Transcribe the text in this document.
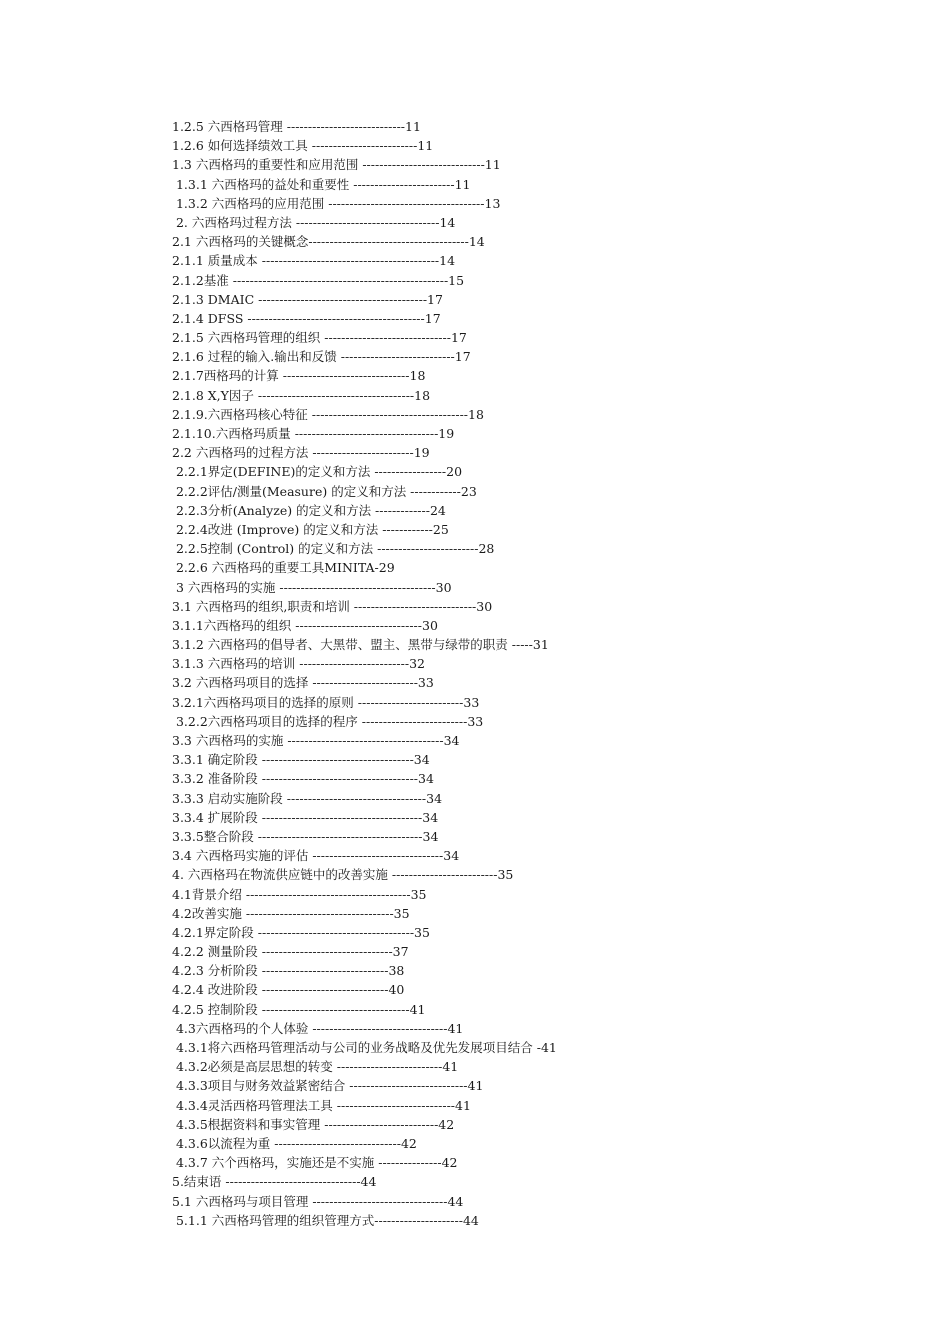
1.2.5 六西格玛管理 ----------------------------11
1.2.6 如何选择绩效工具 -------------------------11
1.3 六西格玛的重要性和应用范围 -----------------------------11
1.3.1 六西格玛的益处和重要性 ------------------------11
1.3.2 六西格玛的应用范围 -------------------------------------13
2. 六西格玛过程方法 ----------------------------------14
2.1 六西格玛的关键概念--------------------------------------14
2.1.1 质量成本 ------------------------------------------14
2.1.2基准 ---------------------------------------------------15
2.1.3 DMAIC ----------------------------------------17
2.1.4 DFSS ------------------------------------------17
2.1.5 六西格玛管理的组织 ------------------------------17
2.1.6 过程的输入.输出和反馈 ---------------------------17
2.1.7西格玛的计算 ------------------------------18
2.1.8 X,Y因子 -------------------------------------18
2.1.9.六西格玛核心特征 -------------------------------------18
2.1.10.六西格玛质量 ----------------------------------19
2.2 六西格玛的过程方法 ------------------------19
2.2.1界定(DEFINE)的定义和方法 -----------------20
2.2.2评估/测量(Measure) 的定义和方法 ------------23
2.2.3分析(Analyze) 的定义和方法 -------------24
2.2.4改进 (Improve) 的定义和方法 ------------25
2.2.5控制 (Control) 的定义和方法 ------------------------28
2.2.6 六西格玛的重要工具MINITA-29
3 六西格玛的实施 -------------------------------------30
3.1 六西格玛的组织,职责和培训 -----------------------------30
3.1.1六西格玛的组织 ------------------------------30
3.1.2 六西格玛的倡导者、大黑带、盟主、黑带与绿带的职责 -----31
3.1.3 六西格玛的培训 --------------------------32
3.2 六西格玛项目的选择 -------------------------33
3.2.1六西格玛项目的选择的原则 -------------------------33
3.2.2六西格玛项目的选择的程序 -------------------------33
3.3 六西格玛的实施 -------------------------------------34
3.3.1 确定阶段 ------------------------------------34
3.3.2 准备阶段 -------------------------------------34
3.3.3 启动实施阶段 ---------------------------------34
3.3.4 扩展阶段 --------------------------------------34
3.3.5整合阶段 ---------------------------------------34
3.4 六西格玛实施的评估 -------------------------------34
4. 六西格玛在物流供应链中的改善实施 -------------------------35
4.1背景介绍 ---------------------------------------35
4.2改善实施 -----------------------------------35
4.2.1界定阶段 -------------------------------------35
4.2.2 测量阶段 -------------------------------37
4.2.3 分析阶段 ------------------------------38
4.2.4 改进阶段 ------------------------------40
4.2.5 控制阶段 -----------------------------------41
4.3六西格玛的个人体验 --------------------------------41
4.3.1将六西格玛管理活动与公司的业务战略及优先发展项目结合 -41
4.3.2必须是高层思想的转变 -------------------------41
4.3.3项目与财务效益紧密结合 ----------------------------41
4.3.4灵活西格玛管理法工具 ----------------------------41
4.3.5根据资料和事实管理 ---------------------------42
4.3.6以流程为重 ------------------------------42
4.3.7 六个西格玛，实施还是不实施 ---------------42
5.结束语 --------------------------------44
5.1 六西格玛与项目管理 --------------------------------44
5.1.1 六西格玛管理的组织管理方式---------------------44
